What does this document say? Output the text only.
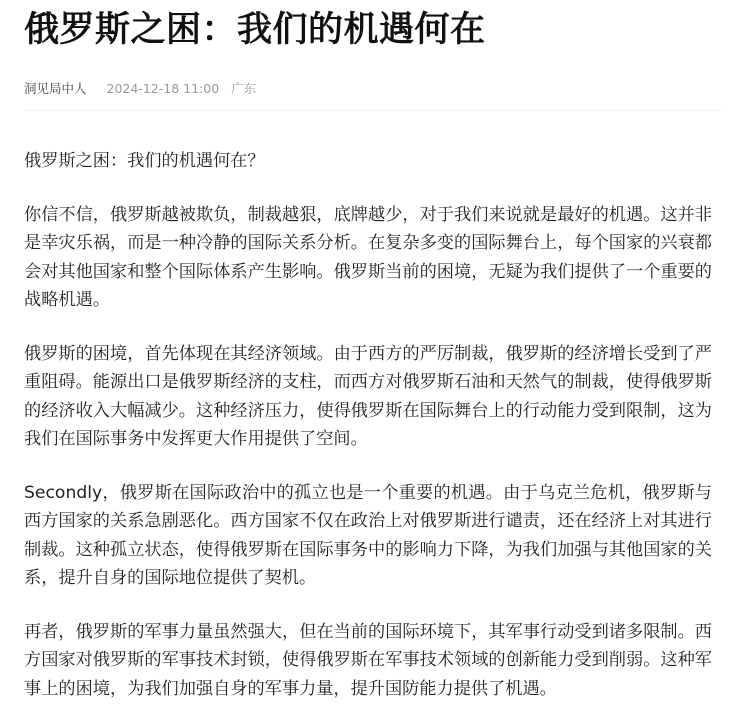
俄罗斯之困：我们的机遇何在
洞见局中人 2024-12-18 11:00 广东

俄罗斯之困：我们的机遇何在？

你信不信，俄罗斯越被欺负，制裁越狠，底牌越少，对于我们来说就是最好的机遇。这并非是幸灾乐祸，而是一种冷静的国际关系分析。在复杂多变的国际舞台上，每个国家的兴衰都会对其他国家和整个国际体系产生影响。俄罗斯当前的困境，无疑为我们提供了一个重要的战略机遇。

俄罗斯的困境，首先体现在其经济领域。由于西方的严厉制裁，俄罗斯的经济增长受到了严重阻碍。能源出口是俄罗斯经济的支柱，而西方对俄罗斯石油和天然气的制裁，使得俄罗斯的经济收入大幅减少。这种经济压力，使得俄罗斯在国际舞台上的行动能力受到限制，这为我们在国际事务中发挥更大作用提供了空间。

Secondly，俄罗斯在国际政治中的孤立也是一个重要的机遇。由于乌克兰危机，俄罗斯与西方国家的关系急剧恶化。西方国家不仅在政治上对俄罗斯进行谴责，还在经济上对其进行制裁。这种孤立状态，使得俄罗斯在国际事务中的影响力下降，为我们加强与其他国家的关系，提升自身的国际地位提供了契机。

再者，俄罗斯的军事力量虽然强大，但在当前的国际环境下，其军事行动受到诸多限制。西方国家对俄罗斯的军事技术封锁，使得俄罗斯在军事技术领域的创新能力受到削弱。这种军事上的困境，为我们加强自身的军事力量，提升国防能力提供了机遇。
